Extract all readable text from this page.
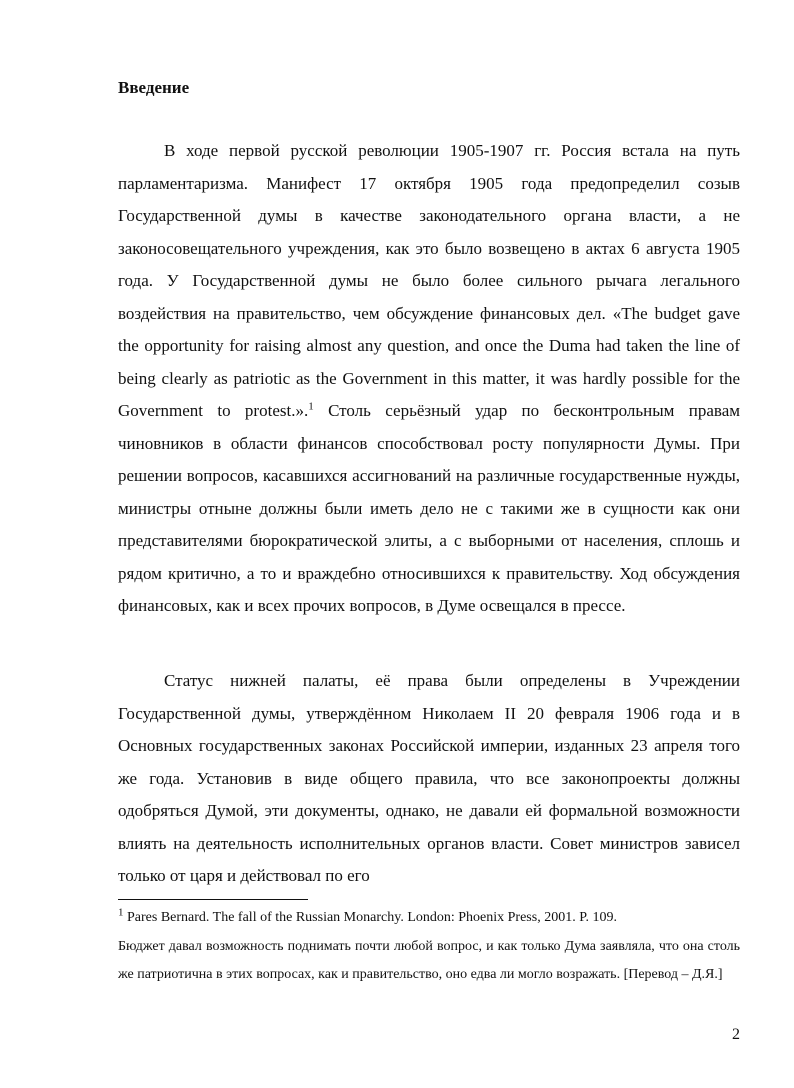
Введение

В ходе первой русской революции 1905-1907 гг. Россия встала на путь парламентаризма. Манифест 17 октября 1905 года предопределил созыв Государственной думы в качестве законодательного органа власти, а не законосовещательного учреждения, как это было возвещено в актах 6 августа 1905 года. У Государственной думы не было более сильного рычага легального воздействия на правительство, чем обсуждение финансовых дел. «The budget gave the opportunity for raising almost any question, and once the Duma had taken the line of being clearly as patriotic as the Government in this matter, it was hardly possible for the Government to protest.».$^1$ Столь серьёзный удар по бесконтрольным правам чиновников в области финансов способствовал росту популярности Думы. При решении вопросов, касавшихся ассигнований на различные государственные нужды, министры отныне должны были иметь дело не с такими же в сущности как они представителями бюрократической элиты, а с выборными от населения, сплошь и рядом критично, а то и враждебно относившихся к правительству. Ход обсуждения финансовых, как и всех прочих вопросов, в Думе освещался в прессе.

Статус нижней палаты, её права были определены в Учреждении Государственной думы, утверждённом Николаем II 20 февраля 1906 года и в Основных государственных законах Российской империи, изданных 23 апреля того же года. Установив в виде общего правила, что все законопроекты должны одобряться Думой, эти документы, однако, не давали ей формальной возможности влиять на деятельность исполнительных органов власти. Совет министров зависел только от царя и действовал по его

$^1$ Pares Bernard. The fall of the Russian Monarchy. London: Phoenix Press, 2001. P. 109.
Бюджет давал возможность поднимать почти любой вопрос, и как только Дума заявляла, что она столь же патриотична в этих вопросах, как и правительство, оно едва ли могло возражать. [Перевод – Д.Я.]

2
